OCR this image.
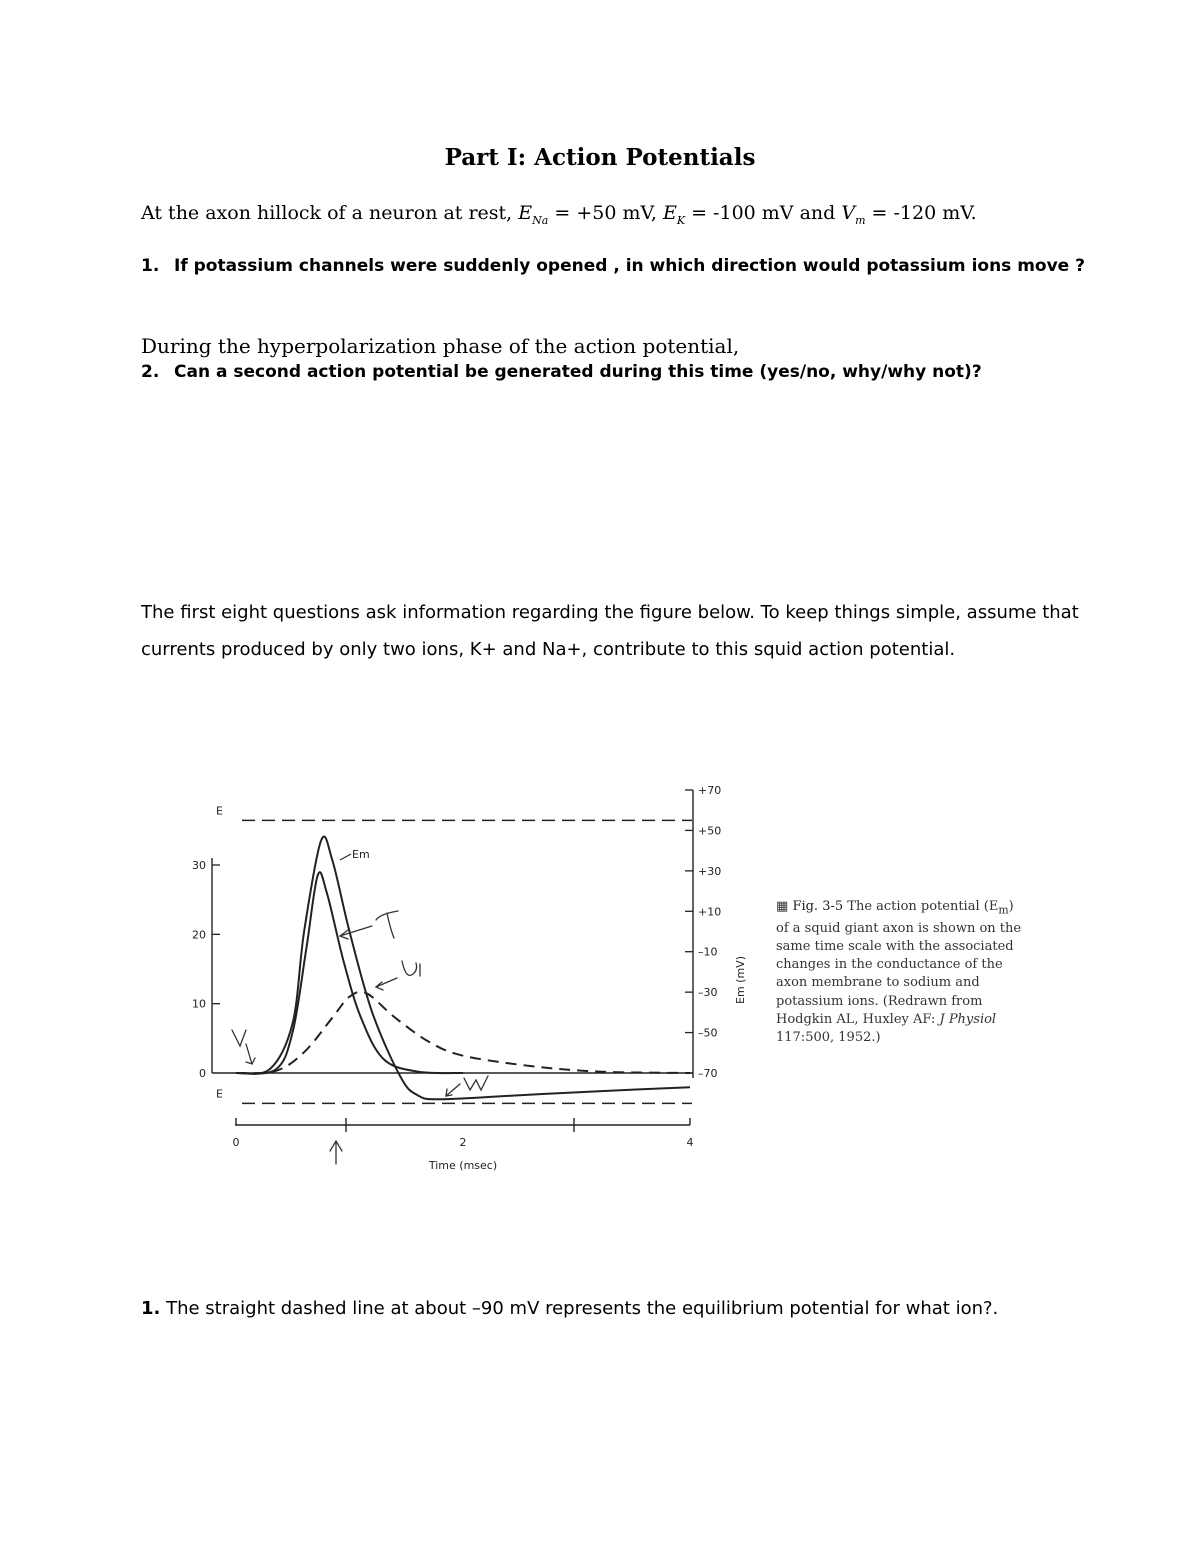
Part I: Action Potentials
At the axon hillock of a neuron at rest, $E_{Na} = +50$ mV, $E_K = -100$ mV and $V_m = -120$ mV.
1. If potassium channels were suddenly opened , in which direction would potassium ions move ?
During the hyperpolarization phase of the action potential,
2. Can a second action potential be generated during this time (yes/no, why/why not)?
The first eight questions ask information regarding the figure below. To keep things simple, assume that
currents produced by only two ions, K+ and Na+, contribute to this squid action potential.
E
E
0
10
20
30
+70
+50
+30
+10
–10
–30
–50
–70
Em (mV)
0	2	4
Time (msec)
Em
▦ Fig. 3-5 The action potential $(E_m)$ of a squid giant axon is shown on the same time scale with the associated changes in the conductance of the axon membrane to sodium and potassium ions. (Redrawn from Hodgkin AL, Huxley AF: J Physiol 117:500, 1952.)
1. The straight dashed line at about –90 mV represents the equilibrium potential for what ion?.
